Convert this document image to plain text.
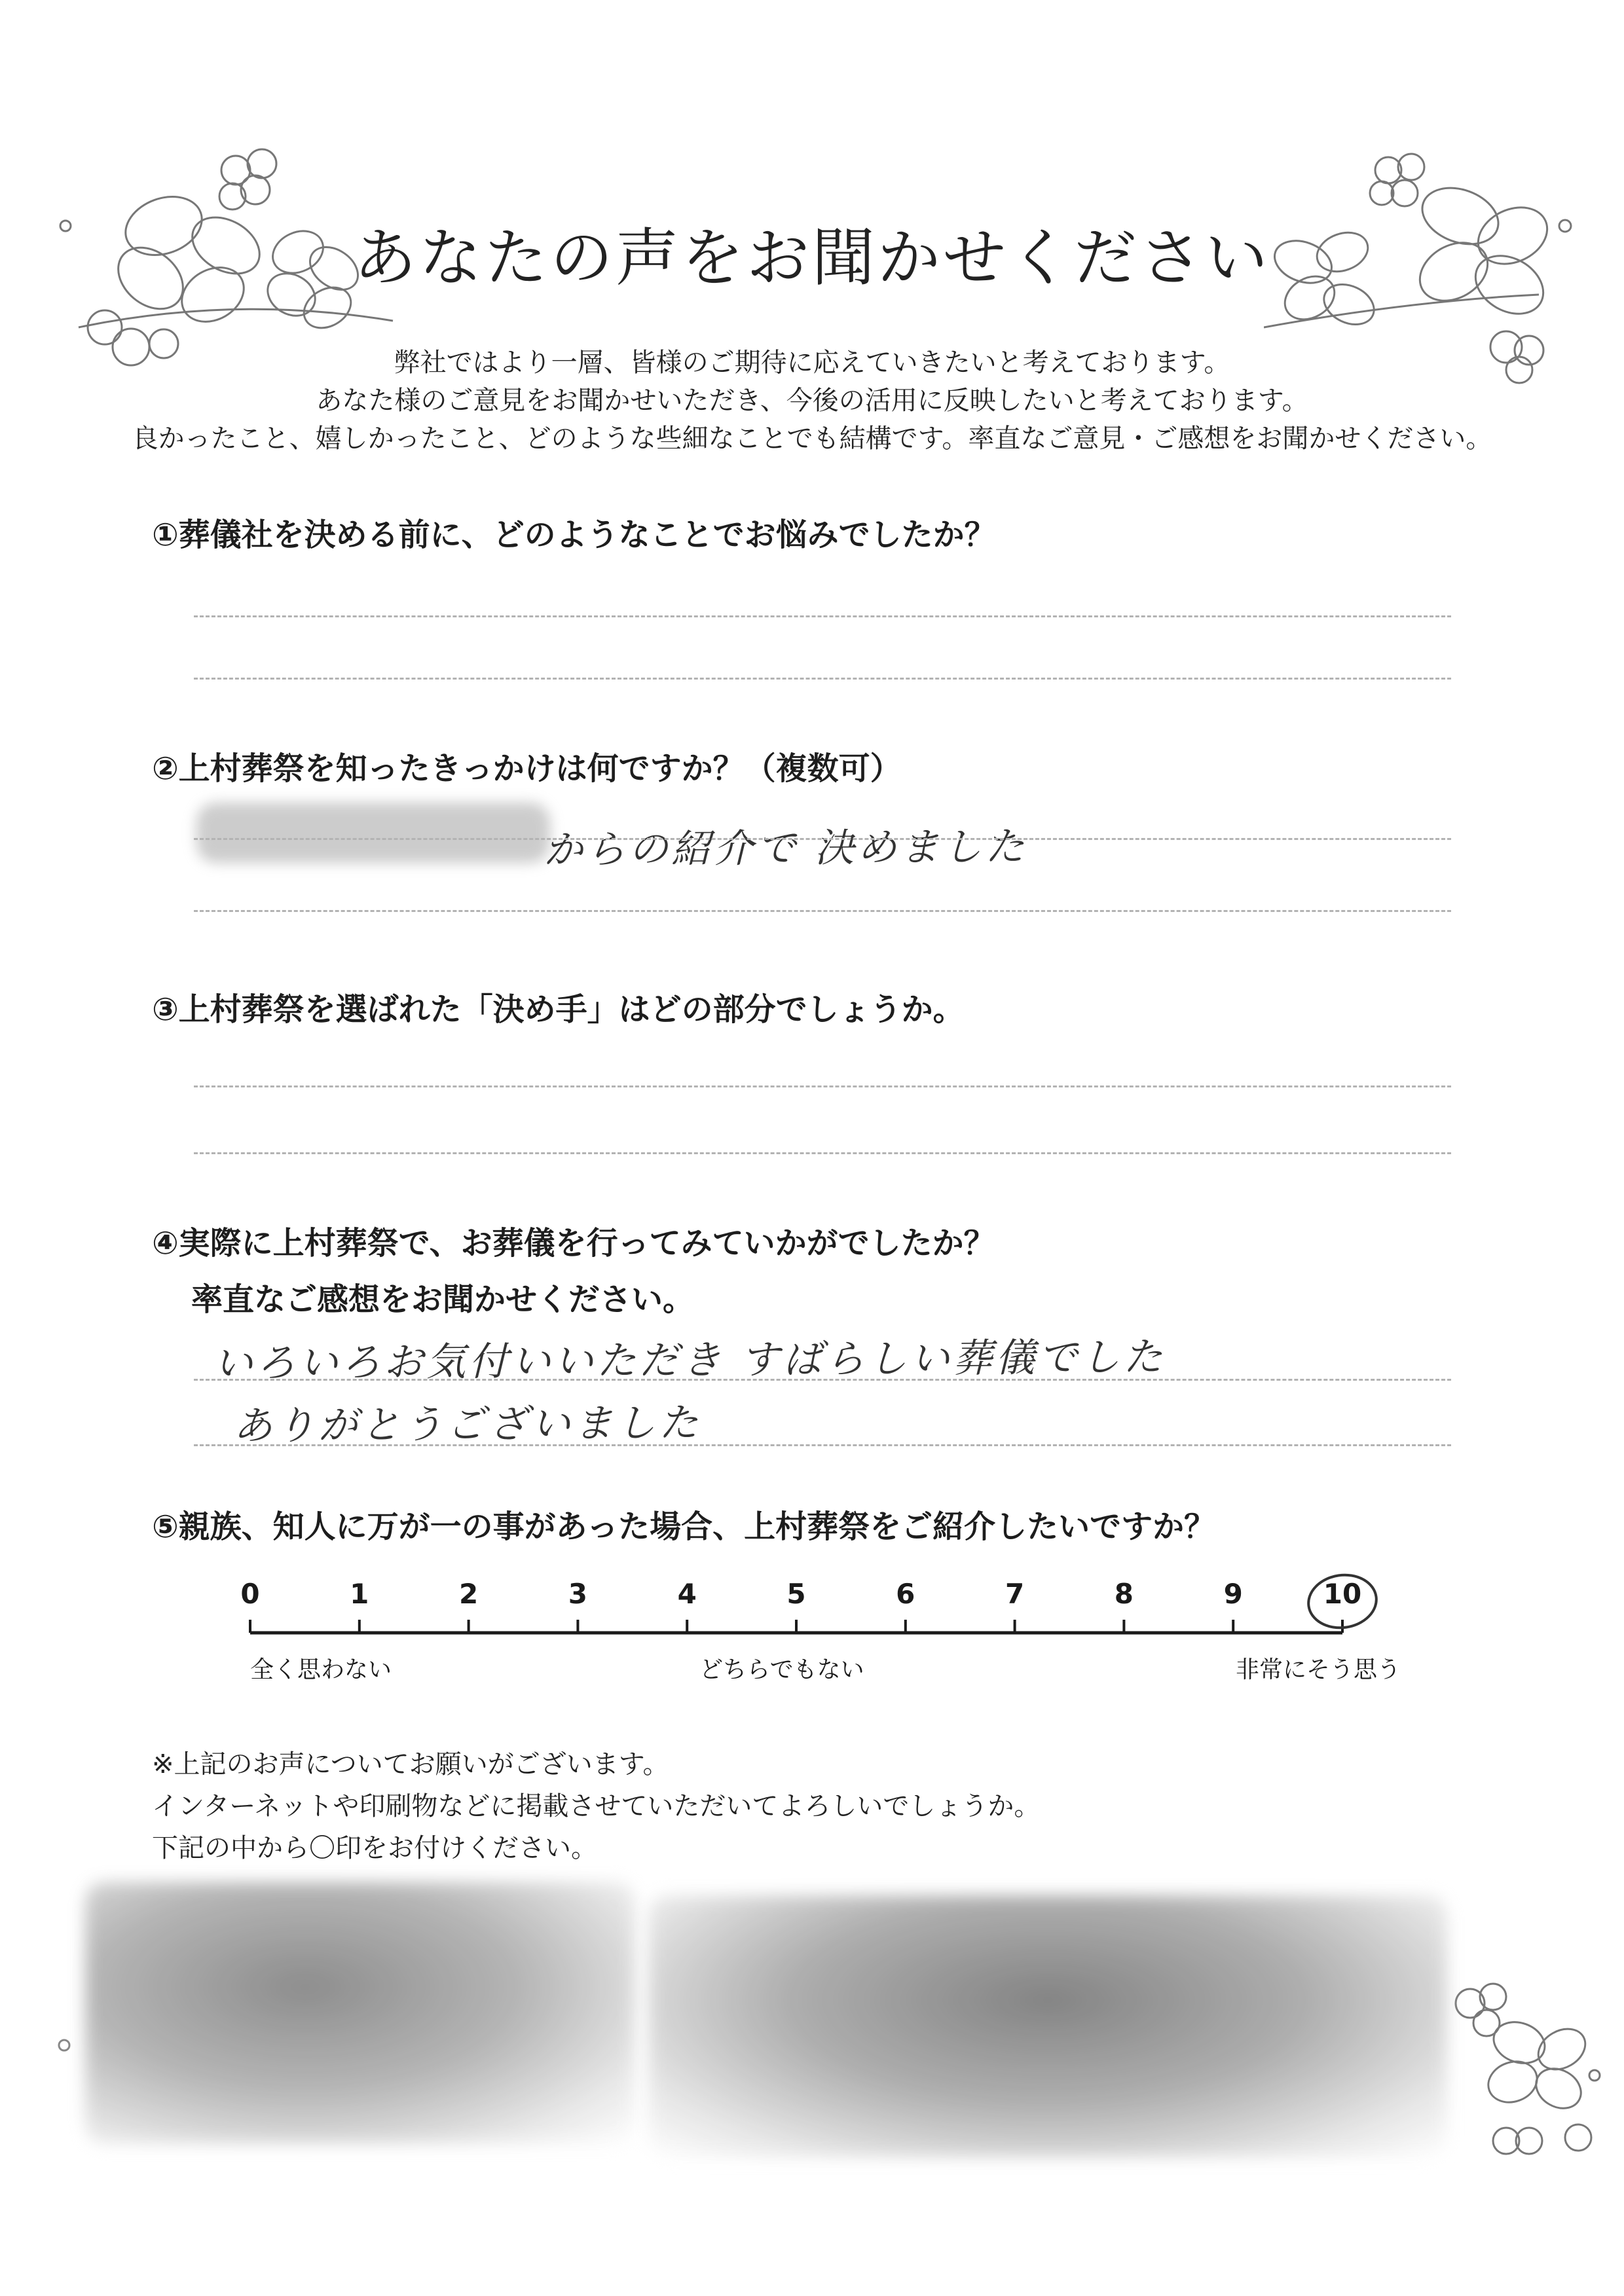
あなたの声をお聞かせください
弊社ではより一層、皆様のご期待に応えていきたいと考えております。
あなた様のご意見をお聞かせいただき、今後の活用に反映したいと考えております。
良かったこと、嬉しかったこと、どのような些細なことでも結構です。率直なご意見・ご感想をお聞かせください。
①葬儀社を決める前に、どのようなことでお悩みでしたか？
②上村葬祭を知ったきっかけは何ですか？（複数可）
からの紹介で 決めました
③上村葬祭を選ばれた「決め手」はどの部分でしょうか。
④実際に上村葬祭で、お葬儀を行ってみていかがでしたか？
率直なご感想をお聞かせください。
いろいろお気付いいただき すばらしい葬儀でした
ありがとうございました
⑤親族、知人に万が一の事があった場合、上村葬祭をご紹介したいですか？
0	1	2	3	4	5	6	7	8	9	10
全く思わない	どちらでもない	非常にそう思う
※上記のお声についてお願いがございます。
インターネットや印刷物などに掲載させていただいてよろしいでしょうか。
下記の中から〇印をお付けください。
